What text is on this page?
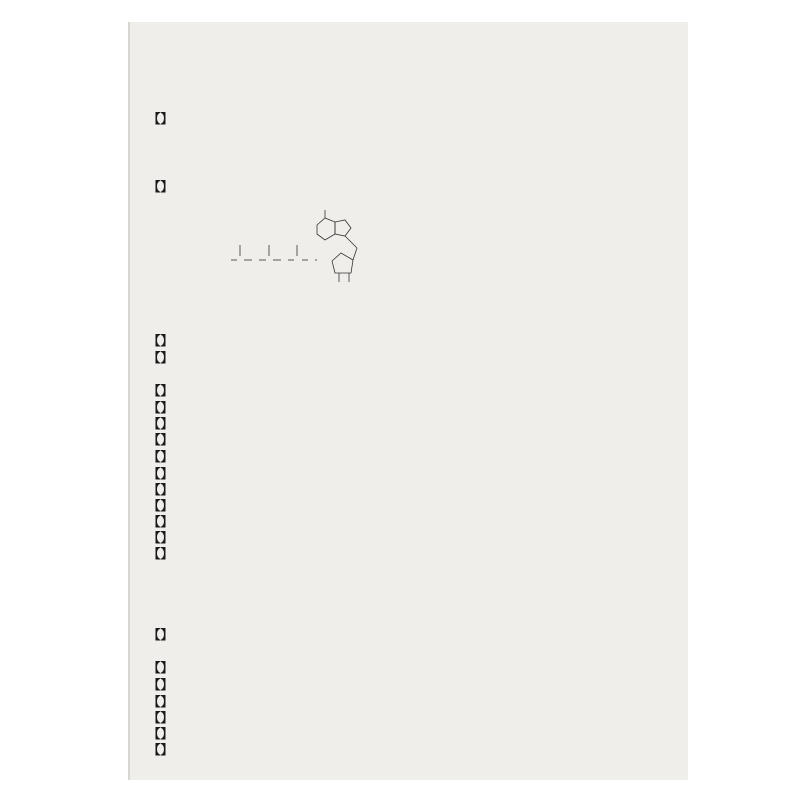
【】
【】
【】
【】
【】
【】
【】
【】
【】
【】
【】
【】
【】
【】
【】
【】
【】
【】
【】
【】
【】
【】
